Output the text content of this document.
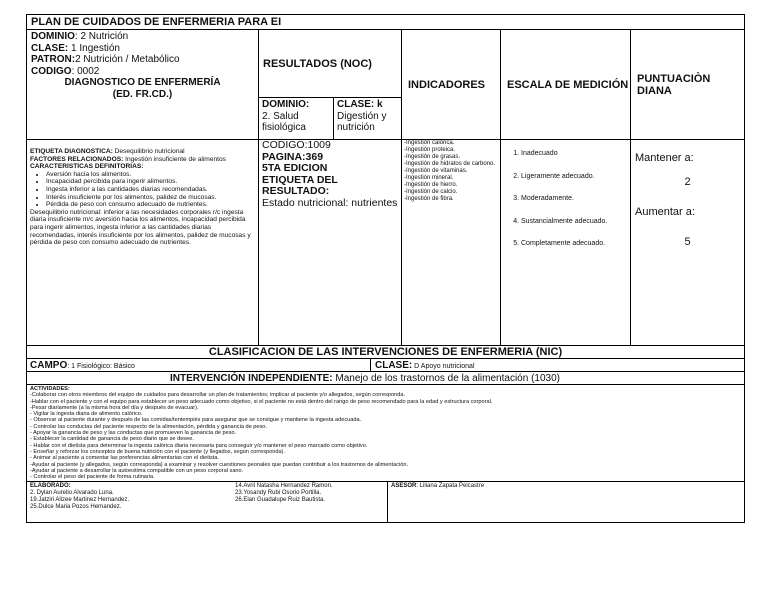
PLAN DE CUIDADOS DE ENFERMERIA PARA EI
DOMINIO: 2 Nutrición
CLASE: 1 Ingestión
PATRON:2 Nutrición / Metabólico
CODIGO: 0002
DIAGNOSTICO DE ENFERMERÍA
(ED. FR.CD.)
RESULTADOS (NOC)
DOMINIO:
2. Salud fisiológica
CLASE: k
Digestión y nutrición
INDICADORES ESCALA DE MEDICIÓN PUNTUACIÒN DIANA
ETIQUETA DIAGNOSTICA: Desequilibrio nutricional
FACTORES RELACIONADOS: Ingestión insuficiente de alimentos
CARACTERISTICAS DEFINITORIAS:
• Aversión hacia los alimentos.
• Incapacidad percibida para ingerir alimentos.
• Ingesta inferior a las cantidades diarias recomendadas.
• Interés insuficiente por los alimentos, palidez de mucosas.
• Pérdida de peso con consumo adecuado de nutrientes.
Desequilibrio nutricional: inferior a las necesidades corporales r/c ingesta diaria insuficiente m/c aversión hacia los alimentos, incapacidad percibida para ingerir alimentos, ingesta inferior a las cantidades diarias recomendadas, interés insuficiente por los alimentos, palidez de mucosas y pérdida de peso con consumo adecuado de nutrientes.
CODIGO:1009
PAGINA:369
5TA EDICION
ETIQUETA DEL
RESULTADO:
Estado nutricional: nutrientes
-Ingestión calórica.
-Ingestión proteica.
-Ingestión de grasas.
-Ingestión de hidratos de carbono.
-Ingestión de vitaminas.
-Ingestión mineral.
-Ingestión de hierro.
-Ingestión de calcio.
-Ingestión de fibra.
1. Inadecuado
2. Ligeramente adecuado.
3. Moderadamente.
4. Sustancialmente adecuado.
5. Completamente adecuado.
Mantener a:
2
Aumentar a:
5
CLASIFICACION DE LAS INTERVENCIONES DE ENFERMERIA (NIC)
CAMPO: 1 Fisiológico: Básico	CLASE: D Apoyo nutricional
INTERVENCIÓN INDEPENDIENTE: Manejo de los trastornos de la alimentación (1030)
ACTIVIDADES:
-Colaborar con otros miembros del equipo de cuidados para desarrollar un plan de tratamientos; implicar al paciente y/o allegados, según corresponda.
-Hablar con el paciente y con el equipo para establecer un peso adecuado como objetivo, si el paciente no está dentro del rango de peso recomendado para la edad y estructura corporal.
-Pesar diariamente (a la misma hora del día y después de evacuar).
- Vigilar la ingesta diaria de alimento calórico.
- Observar al paciente durante y después de las comidas/tentempiés para asegurar que se consigue y mantiene la ingesta adecuada.
- Controlar las conductas del paciente respecto de la alimentación, pérdida y ganancia de peso.
- Apoyar la ganancia de peso y las conductas que promueven la ganancia de peso.
- Establecer la cantidad de ganancia de peso diario que se desee.
- Hablar con el dietista para determinar la ingesta calórica diaria necesaria para conseguir y/o mantener el peso marcado como objetivo.
- Enseñar y reforzar los conceptos de buena nutrición con el paciente (y llegados, según corresponda).
- Animar al paciente a comentar las preferencias alimentarias con el dietista.
-Ayudar al paciente (y allegados, según corresponda) a examinar y resolver cuestiones peonales que puedan contribuir a los trastornos de alimentación.
-Ayudar al paciente a desarrollar la autoestima compatible con un peso corporal sano.
- Controlar el peso del paciente de forma rutinaria.
ELABORADO:
2. Dylan Aurelio Alvarado Luna.
19.Jatziri Alizee Martinez Hernandez.
25.Dulce Maria Pozos Hernandez.
14.Avril Natasha Hernandez Ramon.
23.Yosandy Rubi Osorio Portilla.
26.Elan Guadalupe Ruiz Bautista.
ASESOR: Liliana Zapata Pelcastre
